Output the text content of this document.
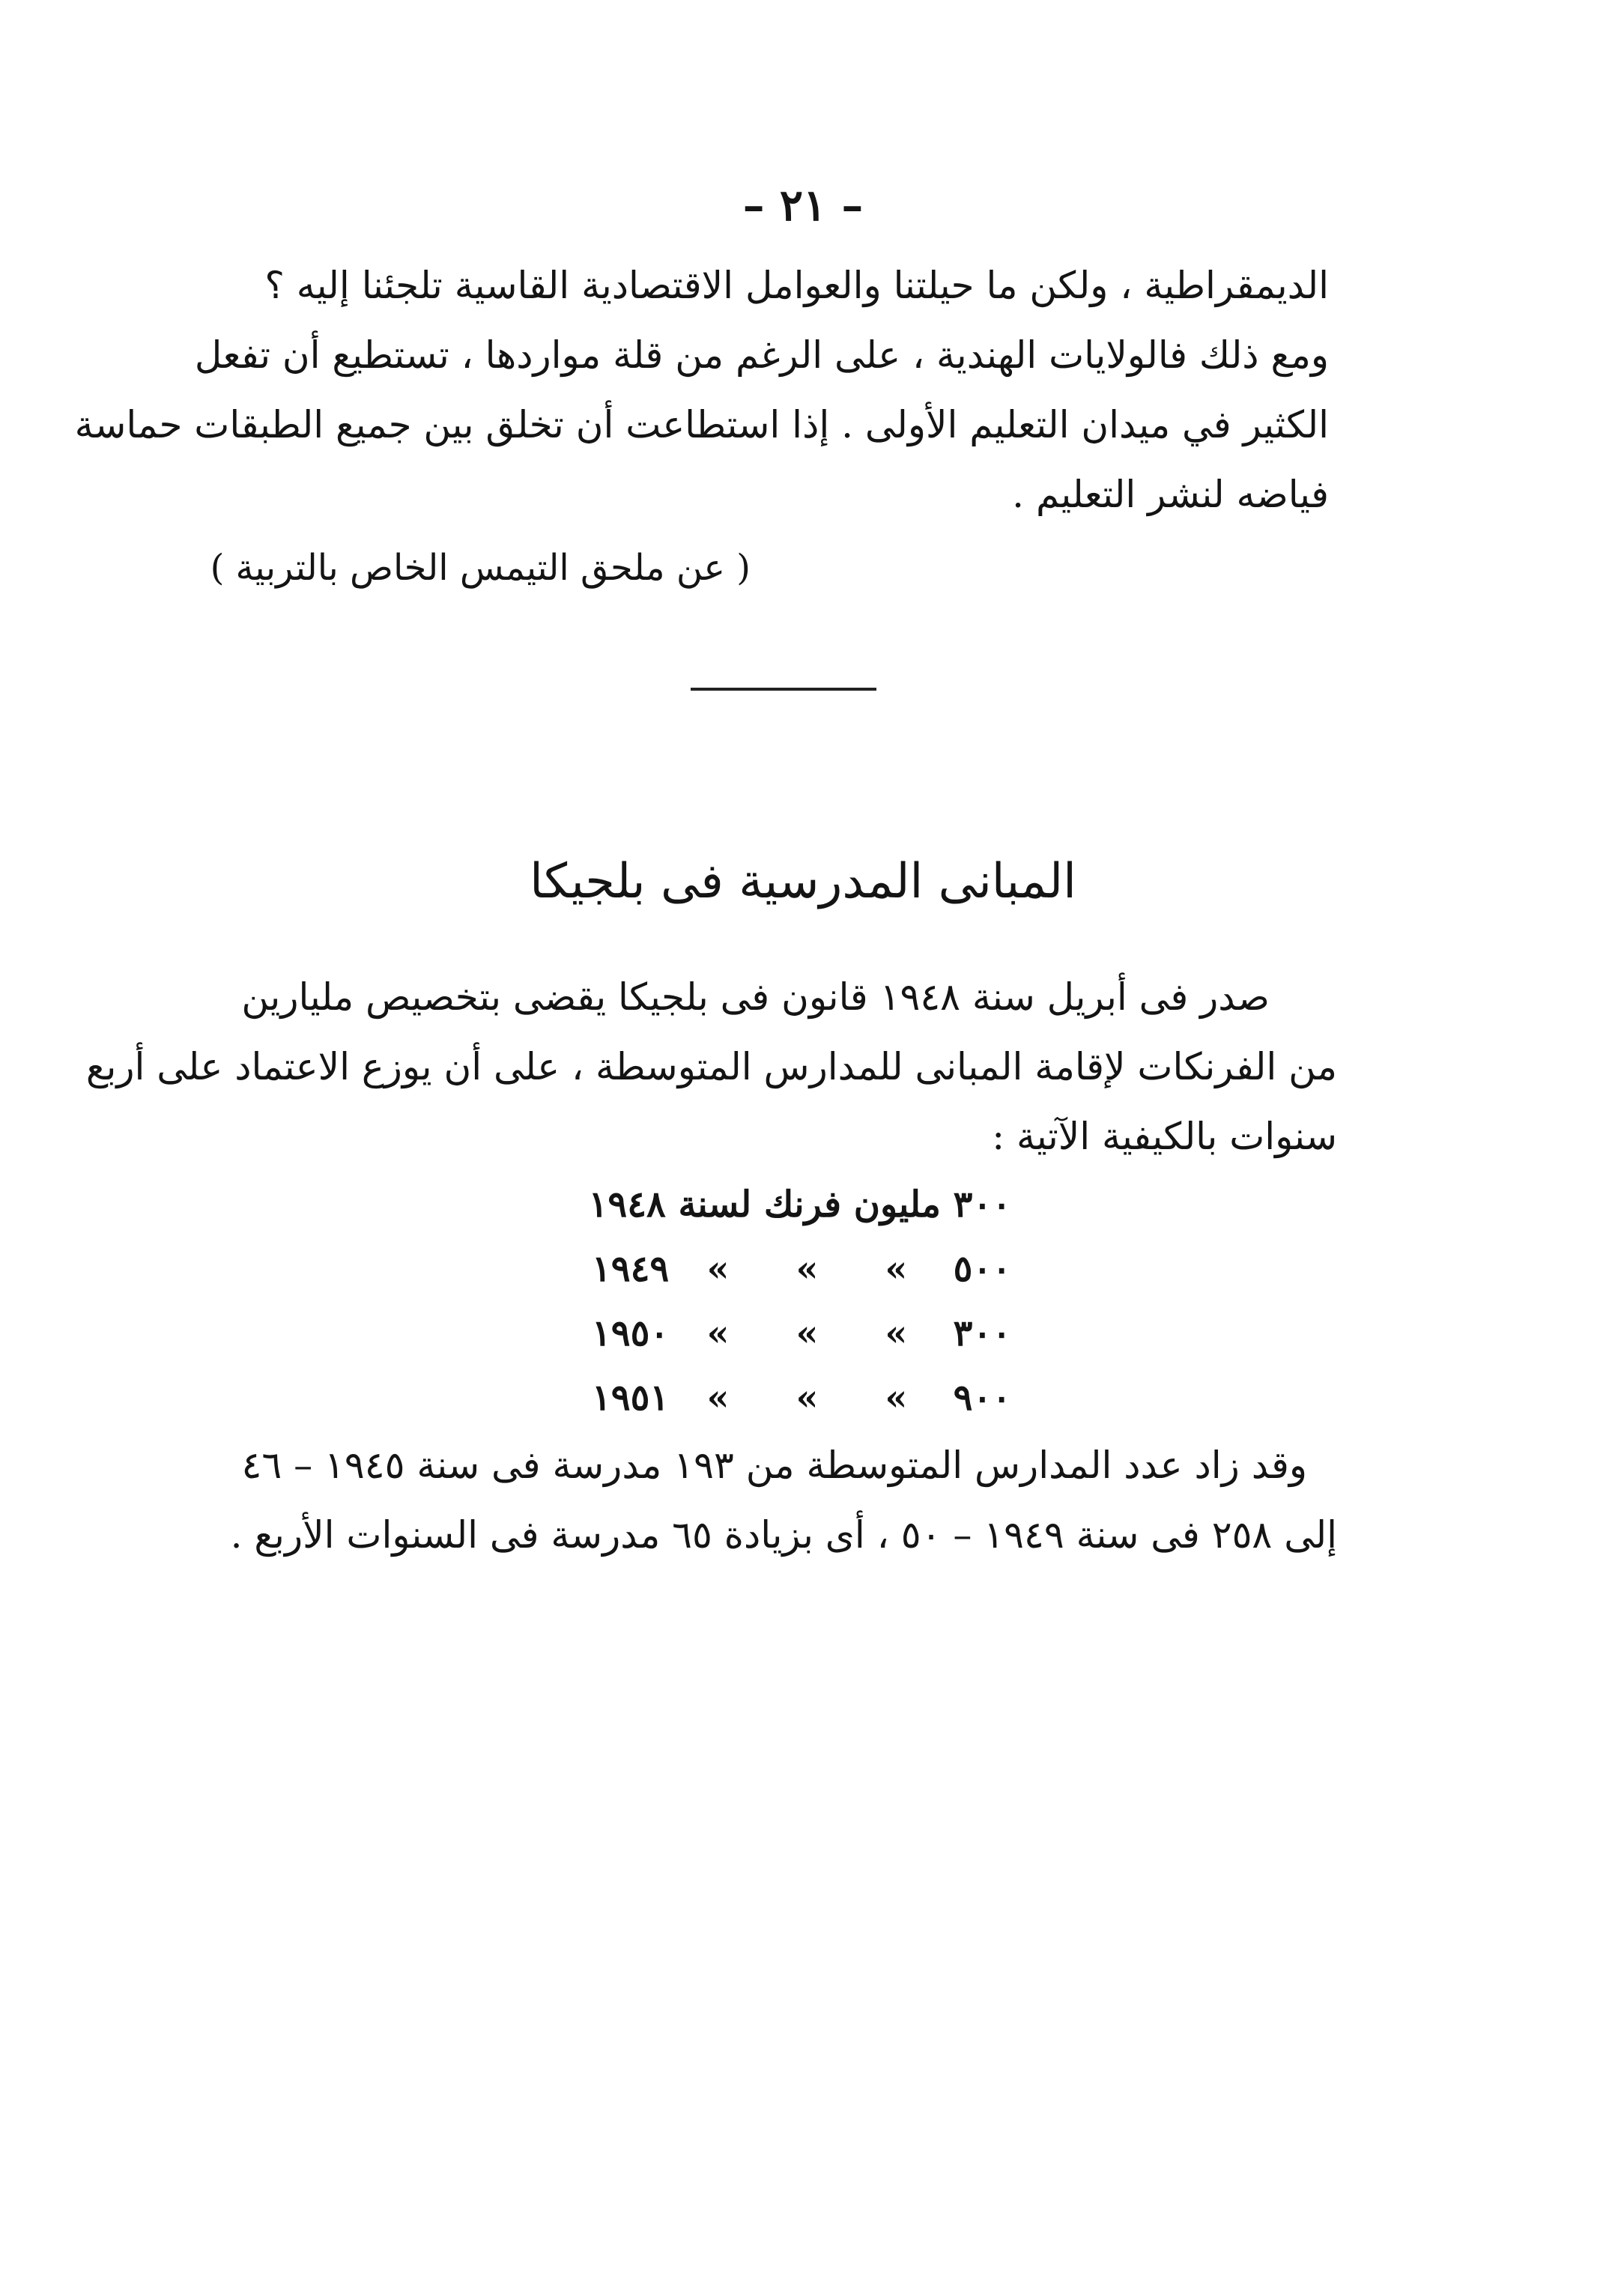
– ٢١ –
الديمقراطية ، ولكن ما حيلتنا والعوامل الاقتصادية القاسية تلجئنا إليه ؟
ومع ذلك فالولايات الهندية ، على الرغم من قلة مواردها ، تستطيع أن تفعل
الكثير في ميدان التعليم الأولى . إذا استطاعت أن تخلق بين جميع الطبقات حماسة
فياضه لنشر التعليم .
( عن ملحق التيمس الخاص بالتربية )
المبانى المدرسية فى بلجيكا
صدر فى أبريل سنة ١٩٤٨ قانون فى بلجيكا يقضى بتخصيص مليارين
من الفرنكات لإقامة المبانى للمدارس المتوسطة ، على أن يوزع الاعتماد على أربع
سنوات بالكيفية الآتية :
٣٠٠ مليون فرنك لسنة ١٩٤٨
٥٠٠
»
»
»
١٩٤٩
٣٠٠
»
»
»
١٩٥٠
٩٠٠
»
»
»
١٩٥١
وقد زاد عدد المدارس المتوسطة من ١٩٣ مدرسة فى سنة ١٩٤٥ – ٤٦
إلى ٢٥٨ فى سنة ١٩٤٩ – ٥٠ ، أى بزيادة ٦٥ مدرسة فى السنوات الأربع .
